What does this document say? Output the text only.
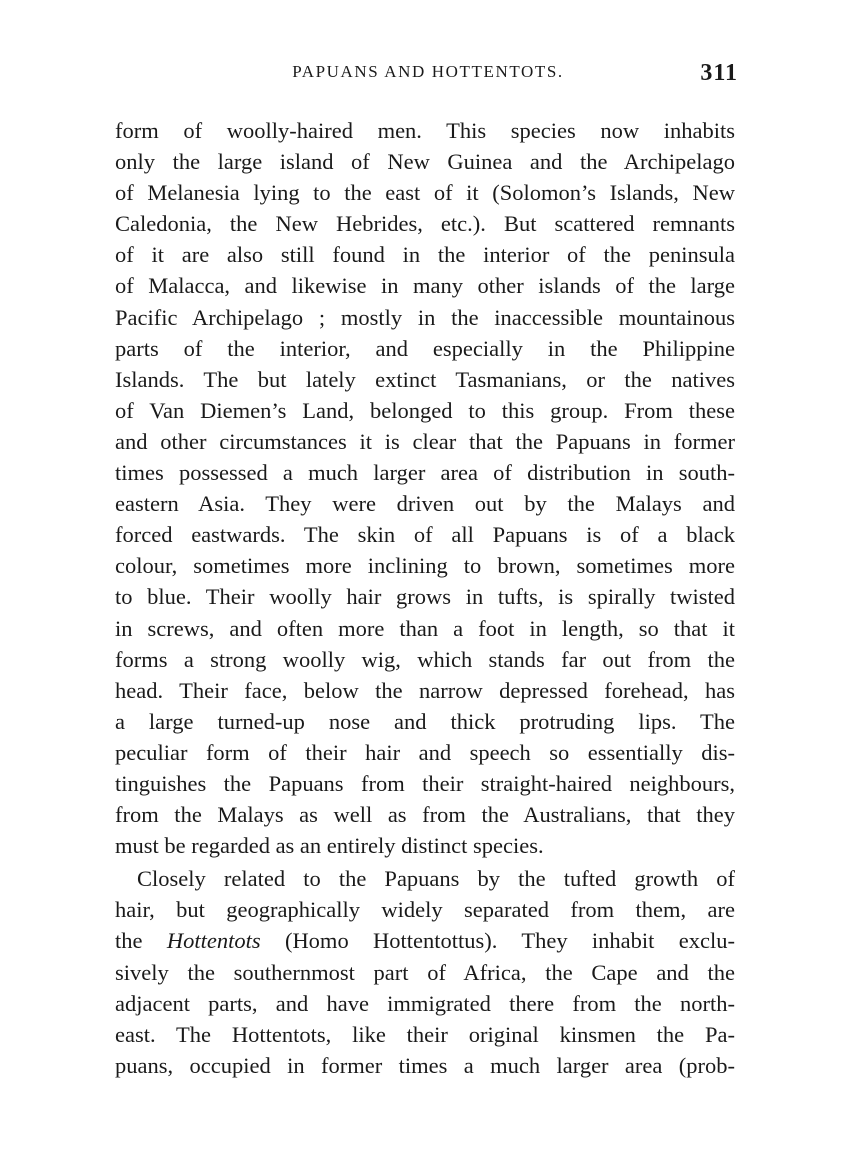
PAPUANS AND HOTTENTOTS.	311
form of woolly-haired men. This species now inhabits
only the large island of New Guinea and the Archipelago
of Melanesia lying to the east of it (Solomon’s Islands, New
Caledonia, the New Hebrides, etc.). But scattered remnants
of it are also still found in the interior of the peninsula
of Malacca, and likewise in many other islands of the large
Pacific Archipelago ; mostly in the inaccessible mountainous
parts of the interior, and especially in the Philippine
Islands. The but lately extinct Tasmanians, or the natives
of Van Diemen’s Land, belonged to this group. From these
and other circumstances it is clear that the Papuans in former
times possessed a much larger area of distribution in south-
eastern Asia. They were driven out by the Malays and
forced eastwards. The skin of all Papuans is of a black
colour, sometimes more inclining to brown, sometimes more
to blue. Their woolly hair grows in tufts, is spirally twisted
in screws, and often more than a foot in length, so that it
forms a strong woolly wig, which stands far out from the
head. Their face, below the narrow depressed forehead, has
a large turned-up nose and thick protruding lips. The
peculiar form of their hair and speech so essentially dis-
tinguishes the Papuans from their straight-haired neighbours,
from the Malays as well as from the Australians, that they
must be regarded as an entirely distinct species.
Closely related to the Papuans by the tufted growth of
hair, but geographically widely separated from them, are
the Hottentots (Homo Hottentottus). They inhabit exclu-
sively the southernmost part of Africa, the Cape and the
adjacent parts, and have immigrated there from the north-
east. The Hottentots, like their original kinsmen the Pa-
puans, occupied in former times a much larger area (prob-
